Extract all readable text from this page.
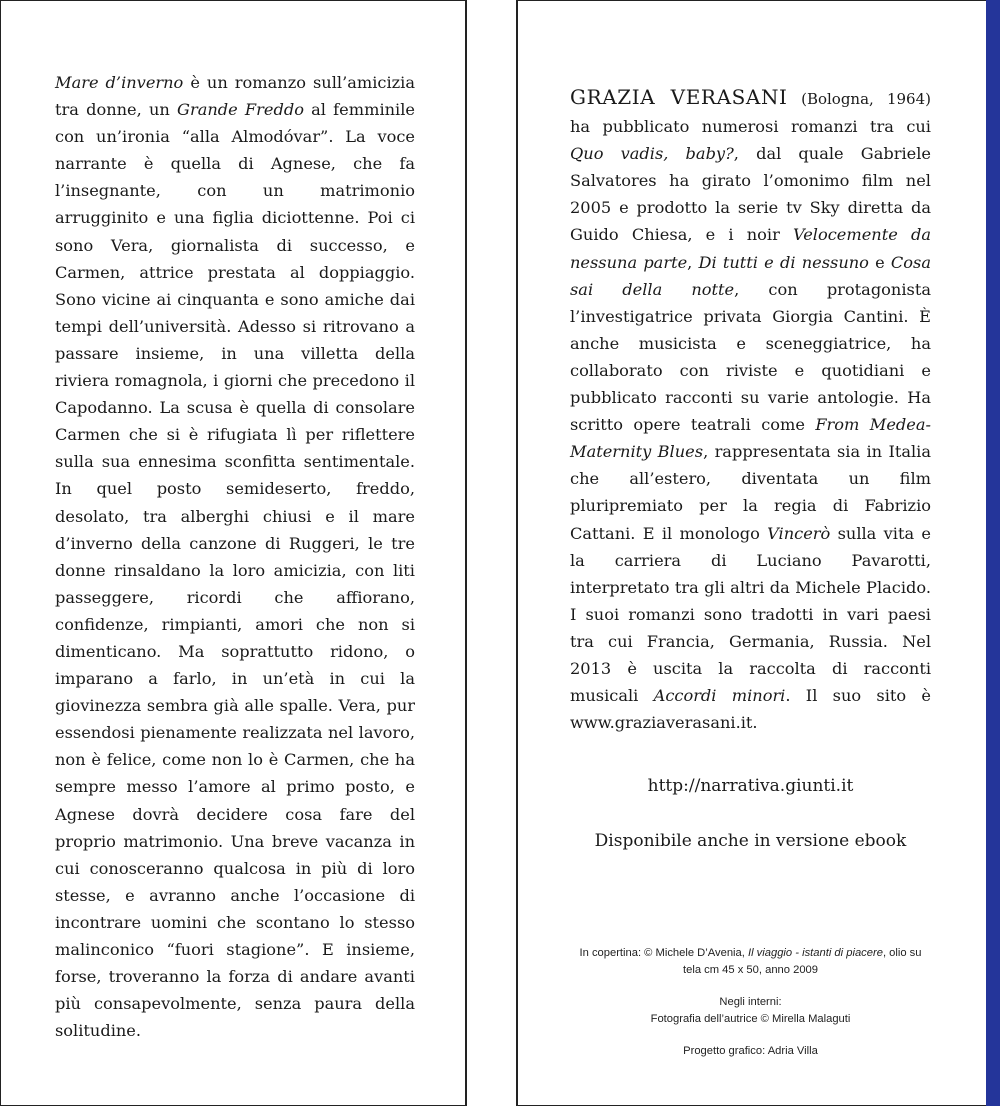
Mare d’inverno è un romanzo sull’amicizia tra donne, un Grande Freddo al femminile con un’ironia “alla Almodóvar”. La voce narrante è quella di Agnese, che fa l’insegnante, con un matrimonio arrugginito e una figlia diciottenne. Poi ci sono Vera, giornalista di successo, e Carmen, attrice prestata al doppiaggio. Sono vicine ai cinquanta e sono amiche dai tempi dell’università. Adesso si ritrovano a passare insieme, in una villetta della riviera romagnola, i giorni che precedono il Capodanno. La scusa è quella di consolare Carmen che si è rifugiata lì per riflettere sulla sua ennesima sconfitta sentimentale. In quel posto semideserto, freddo, desolato, tra alberghi chiusi e il mare d’inverno della canzone di Ruggeri, le tre donne rinsaldano la loro amicizia, con liti passeggere, ricordi che affiorano, confidenze, rimpianti, amori che non si dimenticano. Ma soprattutto ridono, o imparano a farlo, in un’età in cui la giovinezza sembra già alle spalle. Vera, pur essendosi pienamente realizzata nel lavoro, non è felice, come non lo è Carmen, che ha sempre messo l’amore al primo posto, e Agnese dovrà decidere cosa fare del proprio matrimonio. Una breve vacanza in cui conosceranno qualcosa in più di loro stesse, e avranno anche l’occasione di incontrare uomini che scontano lo stesso malinconico “fuori stagione”. E insieme, forse, troveranno la forza di andare avanti più consapevolmente, senza paura della solitudine.
GRAZIA VERASANI (Bologna, 1964) ha pubblicato numerosi romanzi tra cui Quo vadis, baby?, dal quale Gabriele Salvatores ha girato l’omonimo film nel 2005 e prodotto la serie tv Sky diretta da Guido Chiesa, e i noir Velocemente da nessuna parte, Di tutti e di nessuno e Cosa sai della notte, con protagonista l’investigatrice privata Giorgia Cantini. È anche musicista e sceneggiatrice, ha collaborato con riviste e quotidiani e pubblicato racconti su varie antologie. Ha scritto opere teatrali come From Medea-Maternity Blues, rappresentata sia in Italia che all’estero, diventata un film pluripremiato per la regia di Fabrizio Cattani. E il monologo Vincerò sulla vita e la carriera di Luciano Pavarotti, interpretato tra gli altri da Michele Placido. I suoi romanzi sono tradotti in vari paesi tra cui Francia, Germania, Russia. Nel 2013 è uscita la raccolta di racconti musicali Accordi minori. Il suo sito è www.graziaverasani.it.
http://narrativa.giunti.it
Disponibile anche in versione ebook
In copertina: © Michele D’Avenia, Il viaggio - istanti di piacere, olio su tela cm 45 x 50, anno 2009
Negli interni:
Fotografia dell’autrice © Mirella Malaguti
Progetto grafico: Adria Villa
